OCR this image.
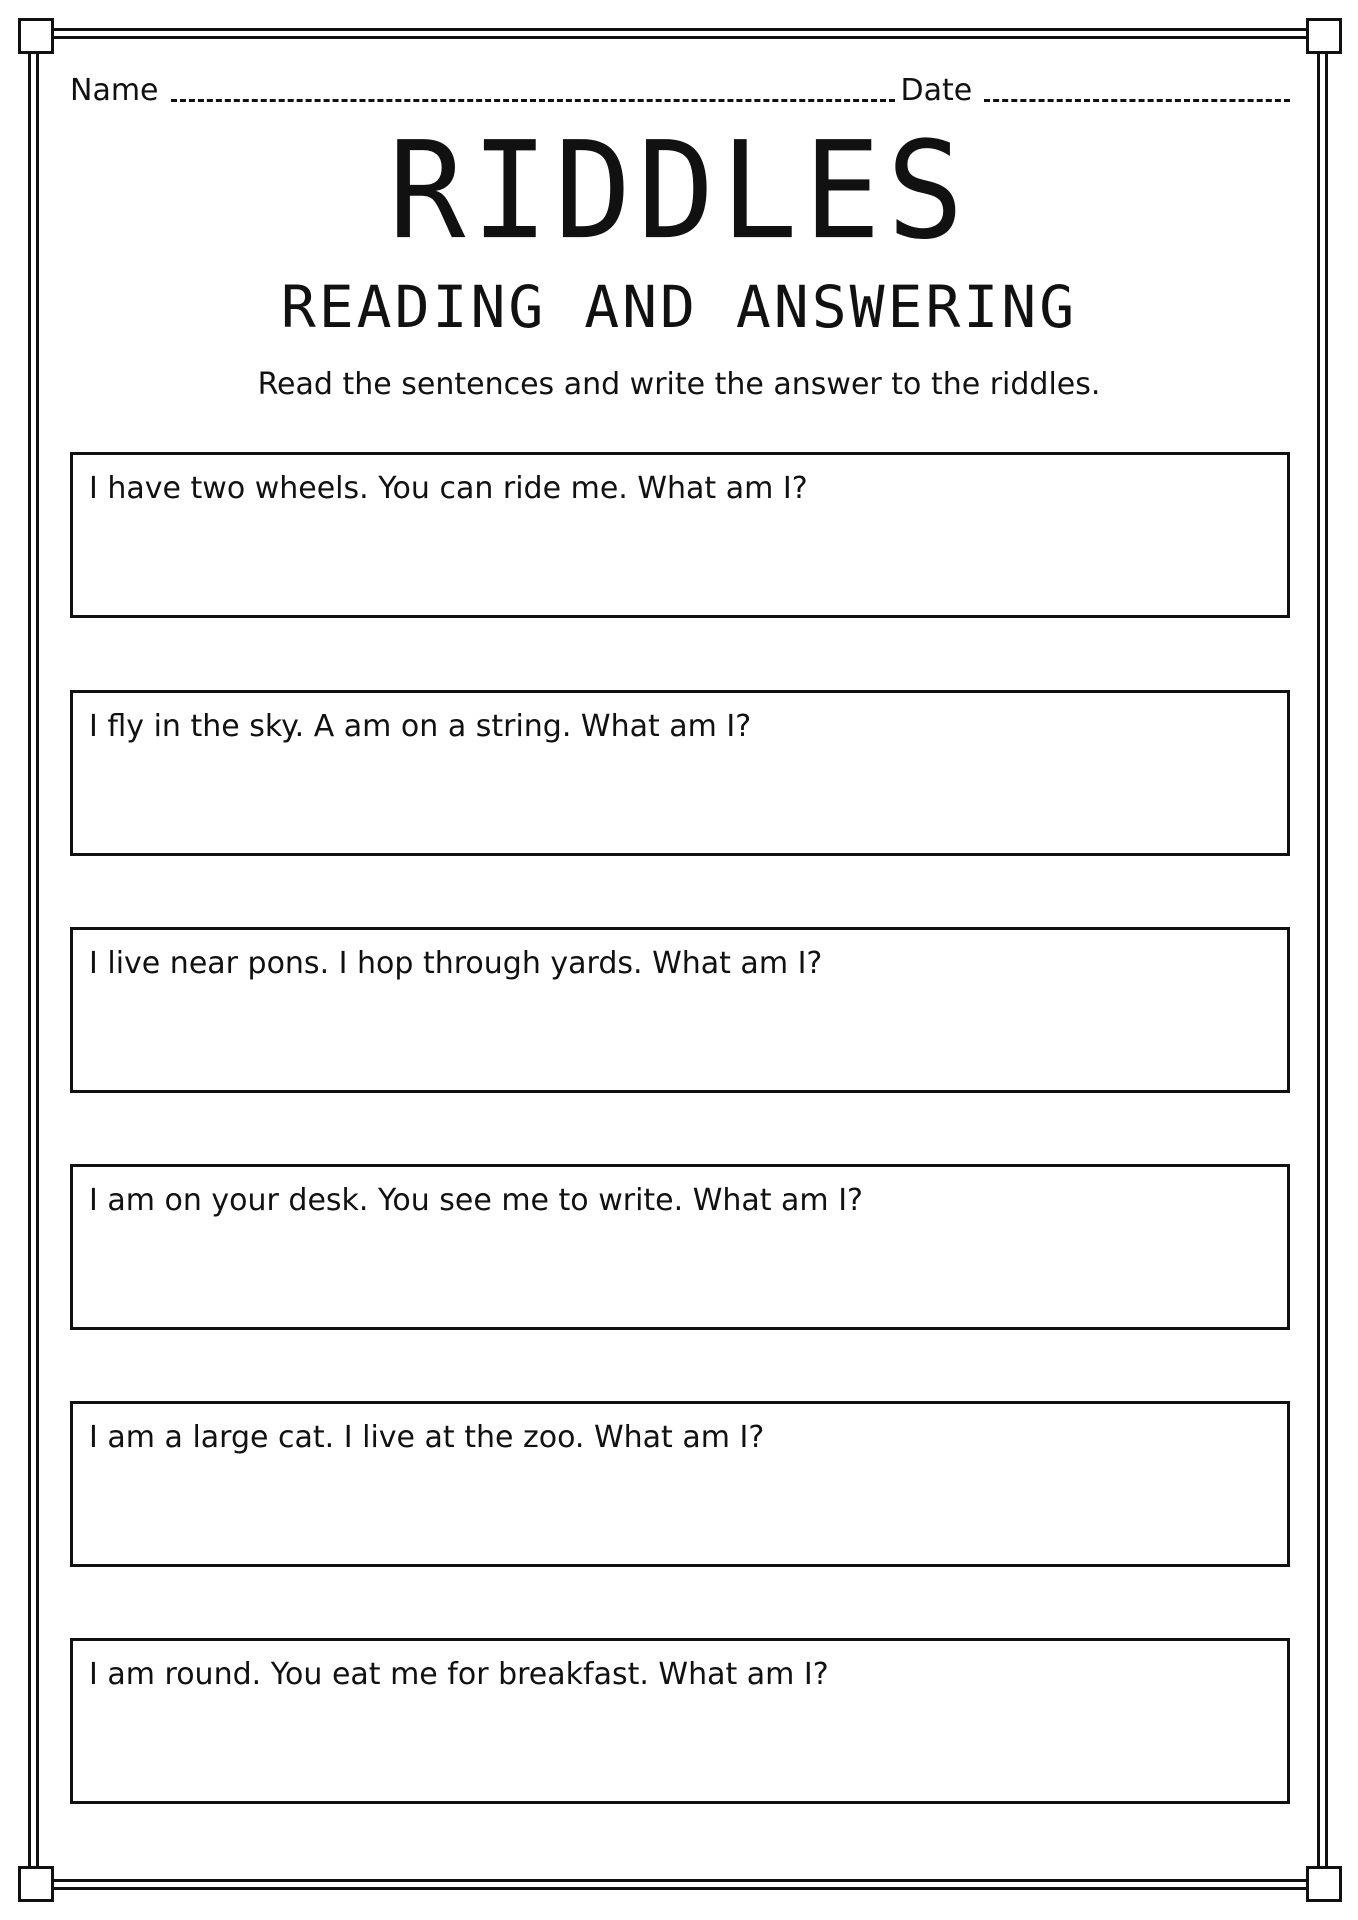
Name	Date
RIDDLES
READING AND ANSWERING
Read the sentences and write the answer to the riddles.
I have two wheels. You can ride me. What am I?
I fly in the sky. A am on a string. What am I?
I live near pons. I hop through yards. What am I?
I am on your desk. You see me to write. What am I?
I am a large cat. I live at the zoo. What am I?
I am round. You eat me for breakfast. What am I?
